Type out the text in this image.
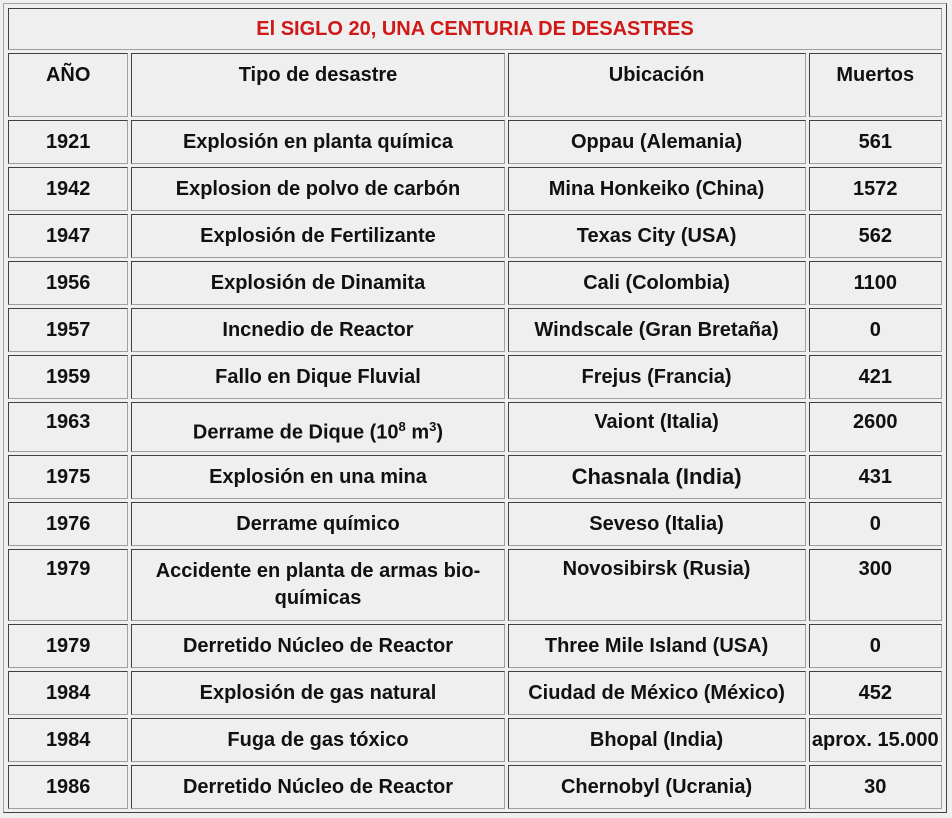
El SIGLO 20, UNA CENTURIA DE DESASTRES			
AÑO	Tipo de desastre	Ubicación	Muertos
1921	Explosión en planta química	Oppau (Alemania)	561
1942	Explosion de polvo de carbón	Mina Honkeiko (China)	1572
1947	Explosión de Fertilizante	Texas City (USA)	562
1956	Explosión de Dinamita	Cali (Colombia)	1100
1957	Incnedio de Reactor	Windscale (Gran Bretaña)	0
1959	Fallo en Dique Fluvial	Frejus (Francia)	421
1963	Derrame de Dique ($10^8$ $m^3$)	Vaiont (Italia)	2600
1975	Explosión en una mina	Chasnala (India)	431
1976	Derrame químico	Seveso (Italia)	0
1979	Accidente en planta de armas bio-químicas	Novosibirsk (Rusia)	300
1979	Derretido Núcleo de Reactor	Three Mile Island (USA)	0
1984	Explosión de gas natural	Ciudad de México (México)	452
1984	Fuga de gas tóxico	Bhopal (India)	aprox. 15.000
1986	Derretido Núcleo de Reactor	Chernobyl (Ucrania)	30
